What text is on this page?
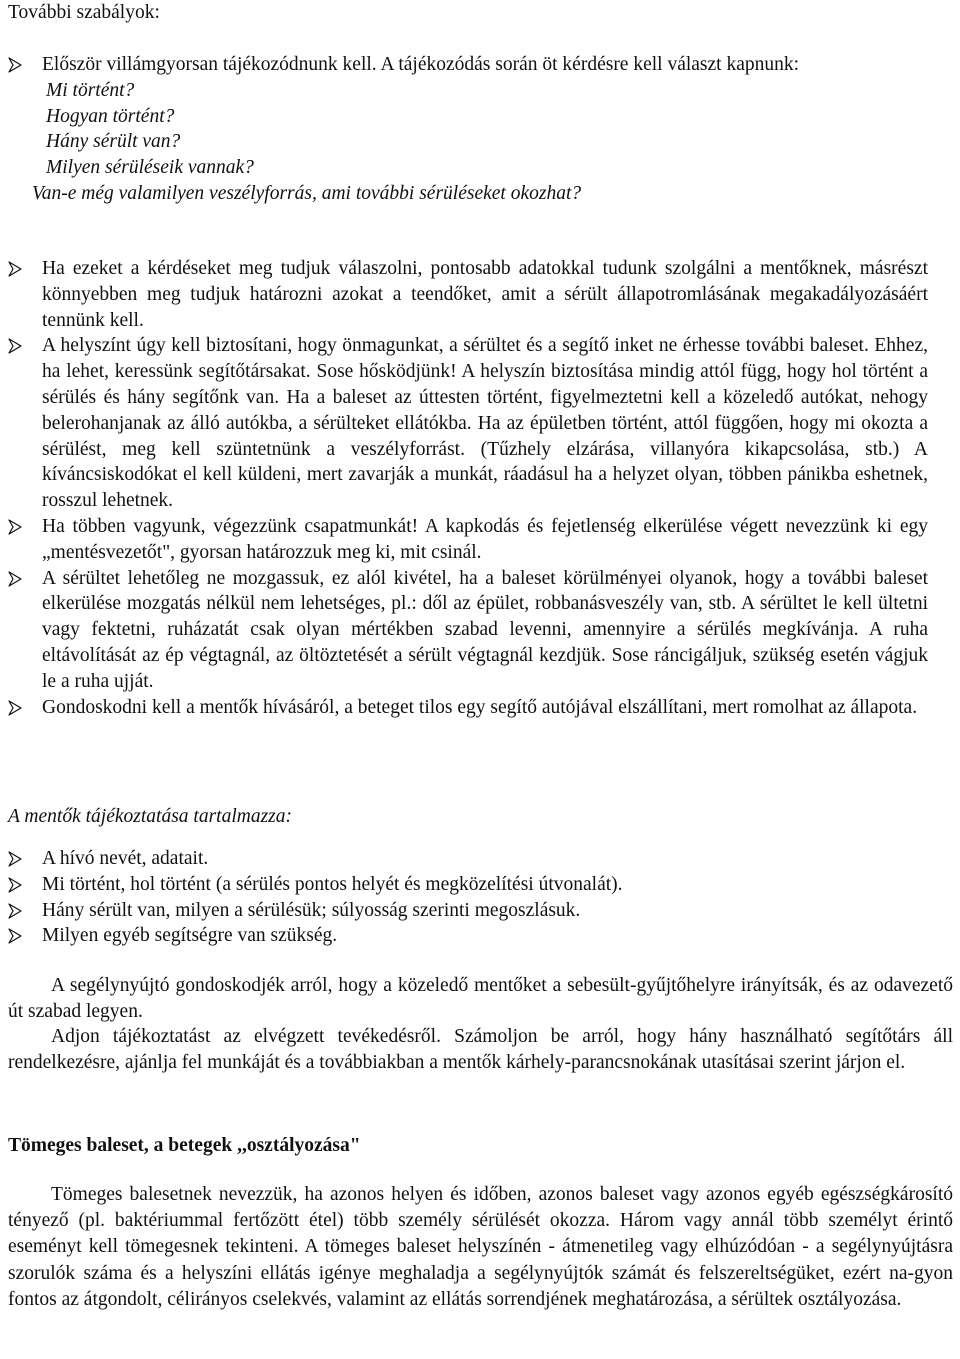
További szabályok:

Először villámgyorsan tájékozódnunk kell. A tájékozódás során öt kérdésre kell választ kapnunk:

Mi történt?

Hogyan történt?

Hány sérült van?

Milyen sérüléseik vannak?

Van-e még valamilyen veszélyforrás, ami további sérüléseket okozhat?

Ha ezeket a kérdéseket meg tudjuk válaszolni, pontosabb adatokkal tudunk szolgálni a mentőknek, másrészt könnyebben meg tudjuk határozni azokat a teendőket, amit a sérült állapotromlásának megakadályozásáért tennünk kell.
A helyszínt úgy kell biztosítani, hogy önmagunkat, a sérültet és a segítő inket ne érhesse további baleset. Ehhez, ha lehet, keressünk segítőtársakat. Sose hősködjünk! A helyszín biztosítása mindig attól függ, hogy hol történt a sérülés és hány segítőnk van. Ha a baleset az úttesten történt, figyelmeztetni kell a közeledő autókat, nehogy belerohanjanak az álló autókba, a sérülteket ellátókba. Ha az épületben történt, attól függően, hogy mi okozta a sérülést, meg kell szüntetnünk a veszélyforrást. (Tűzhely elzárása, villanyóra kikapcsolása, stb.) A kíváncsiskodókat el kell küldeni, mert zavarják a munkát, ráadásul ha a helyzet olyan, többen pánikba eshetnek, rosszul lehetnek.
Ha többen vagyunk, végezzünk csapatmunkát! A kapkodás és fejetlenség elkerülése végett nevezzünk ki egy „mentésvezetőt", gyorsan határozzuk meg ki, mit csinál.
A sérültet lehetőleg ne mozgassuk, ez alól kivétel, ha a baleset körülményei olyanok, hogy a további baleset elkerülése mozgatás nélkül nem lehetséges, pl.: dől az épület, robbanásveszély van, stb. A sérültet le kell ültetni vagy fektetni, ruházatát csak olyan mértékben szabad levenni, amennyire a sérülés megkívánja. A ruha eltávolítását az ép végtagnál, az öltöztetését a sérült végtagnál kezdjük. Sose ráncigáljuk, szükség esetén vágjuk le a ruha ujját.
Gondoskodni kell a mentők hívásáról, a beteget tilos egy segítő autójával elszállítani, mert romolhat az állapota.

A mentők tájékoztatása tartalmazza:

A hívó nevét, adatait.
Mi történt, hol történt (a sérülés pontos helyét és megközelítési útvonalát).
Hány sérült van, milyen a sérülésük; súlyosság szerinti megoszlásuk.
Milyen egyéb segítségre van szükség.

A segélynyújtó gondoskodjék arról, hogy a közeledő mentőket a sebesült-gyűjtőhelyre irányítsák, és az odavezető út szabad legyen.

Adjon tájékoztatást az elvégzett tevékedésről. Számoljon be arról, hogy hány használható segítőtárs áll rendelkezésre, ajánlja fel munkáját és a továbbiakban a mentők kárhely-parancsnokának utasításai szerint járjon el.

Tömeges baleset, a betegek ,,osztályozása"

Tömeges balesetnek nevezzük, ha azonos helyen és időben, azonos baleset vagy azonos egyéb egészségkárosító tényező (pl. baktériummal fertőzött étel) több személy sérülését okozza. Három vagy annál több személyt érintő eseményt kell tömegesnek tekinteni. A tömeges baleset helyszínén - átmenetileg vagy elhúzódóan - a segélynyújtásra szorulók száma és a helyszíni ellátás igénye meghaladja a segélynyújtók számát és felszereltségüket, ezért na-gyon fontos az átgondolt, célirányos cselekvés, valamint az ellátás sorrendjének meghatározása, a sérültek osztályozása.
